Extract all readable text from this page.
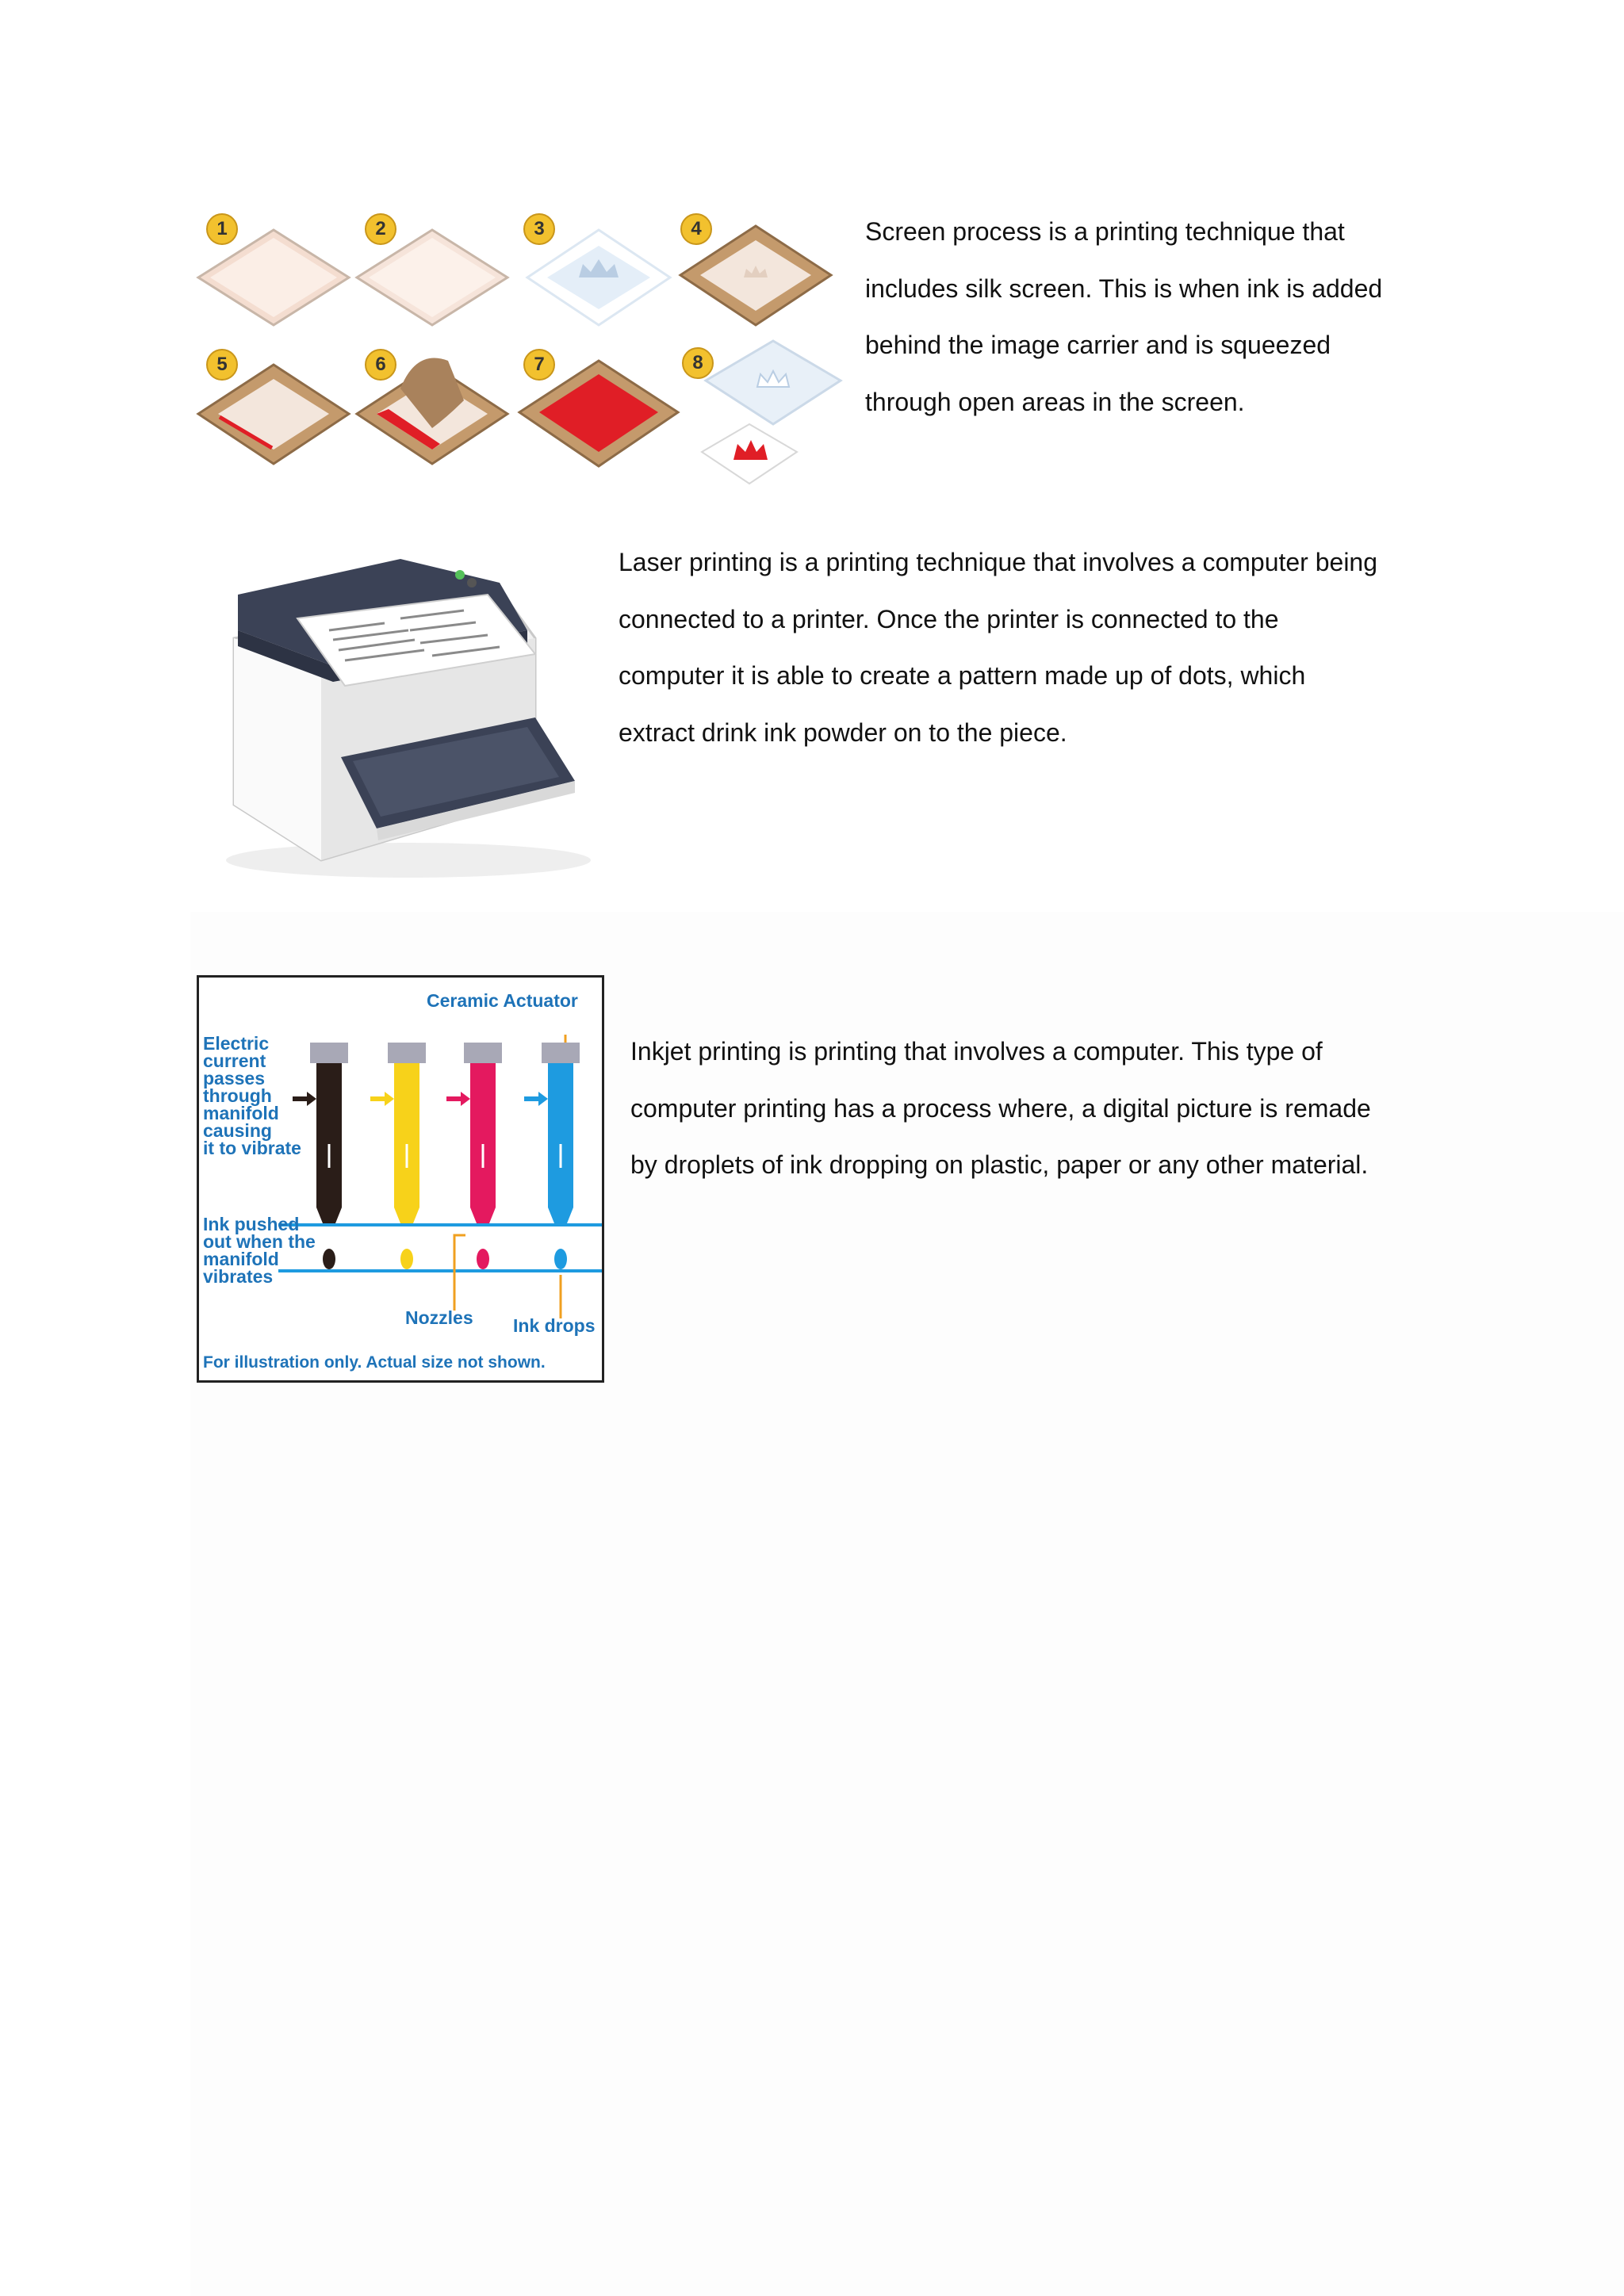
1	2	3	4
5	6	7	8
Screen process is a printing technique that
includes silk screen. This is when ink is added
behind the image carrier and is squeezed
through open areas in the screen.
Laser printing is a printing technique that involves a computer being
connected to a printer. Once the printer is connected to the
computer it is able to create a pattern made up of dots, which
extract drink ink powder on to the piece.
Ceramic Actuator
Electric
current
passes
through
manifold
causing
it to vibrate
Ink pushed
out when the
manifold
vibrates
Nozzles Ink drops
For illustration only. Actual size not shown.
Inkjet printing is printing that involves a computer. This type of
computer printing has a process where, a digital picture is remade
by droplets of ink dropping on plastic, paper or any other material.
